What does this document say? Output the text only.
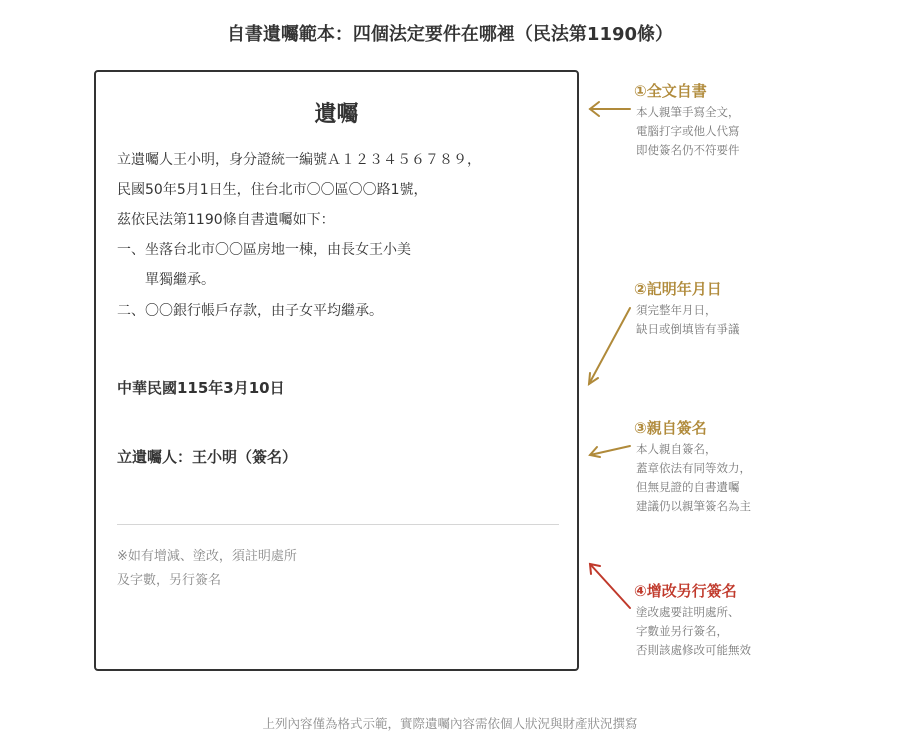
自書遺囑範本：四個法定要件在哪裡（民法第1190條）
遺囑
立遺囑人王小明，身分證統一編號Ａ１２３４５６７８９，
民國50年5月1日生，住台北市〇〇區〇〇路1號，
茲依民法第1190條自書遺囑如下：
一、坐落台北市〇〇區房地一棟，由長女王小美
單獨繼承。
二、〇〇銀行帳戶存款，由子女平均繼承。
中華民國115年3月10日
立遺囑人：王小明（簽名）
※如有增減、塗改，須註明處所
及字數，另行簽名
①全文自書
本人親筆手寫全文，
電腦打字或他人代寫
即使簽名仍不符要件
②記明年月日
須完整年月日，
缺日或倒填皆有爭議
③親自簽名
本人親自簽名，
蓋章依法有同等效力，
但無見證的自書遺囑
建議仍以親筆簽名為主
④增改另行簽名
塗改處要註明處所、
字數並另行簽名，
否則該處修改可能無效
上列內容僅為格式示範，實際遺囑內容需依個人狀況與財產狀況撰寫
